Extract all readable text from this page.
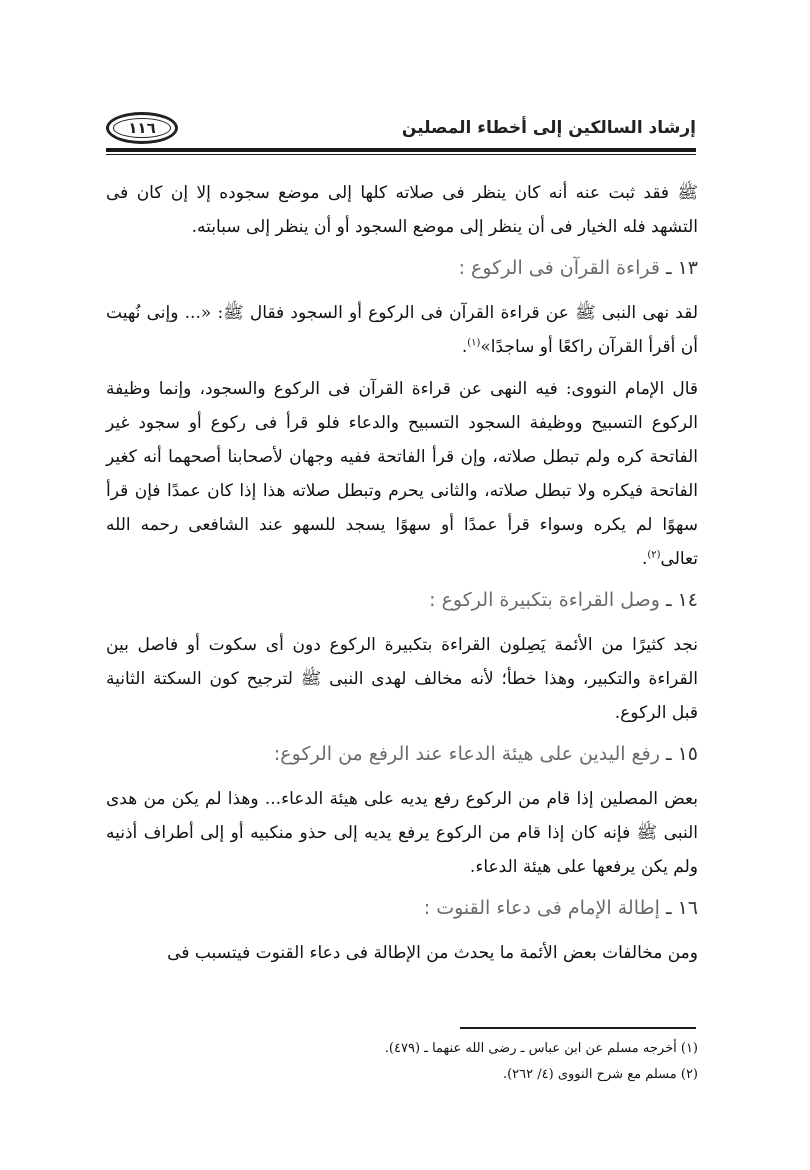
إرشاد السالكين إلى أخطاء المصلين
١١٦

ﷺ فقد ثبت عنه أنه كان ينظر فى صلاته كلها إلى موضع سجوده إلا إن كان فى التشهد فله الخيار فى أن ينظر إلى موضع السجود أو أن ينظر إلى سبابته.

١٣ ـ قراءة القرآن فى الركوع :

لقد نهى النبى ﷺ عن قراءة القرآن فى الركوع أو السجود فقال ﷺ: «... وإنى نُهيت أن أقرأ القرآن راكعًا أو ساجدًا»$^{(١)}$.

قال الإمام النووى: فيه النهى عن قراءة القرآن فى الركوع والسجود، وإنما وظيفة الركوع التسبيح ووظيفة السجود التسبيح والدعاء فلو قرأ فى ركوع أو سجود غير الفاتحة كره ولم تبطل صلاته، وإن قرأ الفاتحة ففيه وجهان لأصحابنا أصحهما أنه كغير الفاتحة فيكره ولا تبطل صلاته، والثانى يحرم وتبطل صلاته هذا إذا كان عمدًا فإن قرأ سهوًا لم يكره وسواء قرأ عمدًا أو سهوًا يسجد للسهو عند الشافعى رحمه الله تعالى$^{(٢)}$.

١٤ ـ وصل القراءة بتكبيرة الركوع :

نجد كثيرًا من الأئمة يَصِلون القراءة بتكبيرة الركوع دون أى سكوت أو فاصل بين القراءة والتكبير، وهذا خطأ؛ لأنه مخالف لهدى النبى ﷺ لترجيح كون السكتة الثانية قبل الركوع.

١٥ ـ رفع اليدين على هيئة الدعاء عند الرفع من الركوع:

بعض المصلين إذا قام من الركوع رفع يديه على هيئة الدعاء... وهذا لم يكن من هدى النبى ﷺ فإنه كان إذا قام من الركوع يرفع يديه إلى حذو منكبيه أو إلى أطراف أذنيه ولم يكن يرفعها على هيئة الدعاء.

١٦ ـ إطالة الإمام فى دعاء القنوت :

ومن مخالفات بعض الأئمة ما يحدث من الإطالة فى دعاء القنوت فيتسبب فى

(١) أخرجه مسلم عن ابن عباس ـ رضى الله عنهما ـ (٤٧٩).

(٢) مسلم مع شرح النووى (٤/ ٢٦٢).
